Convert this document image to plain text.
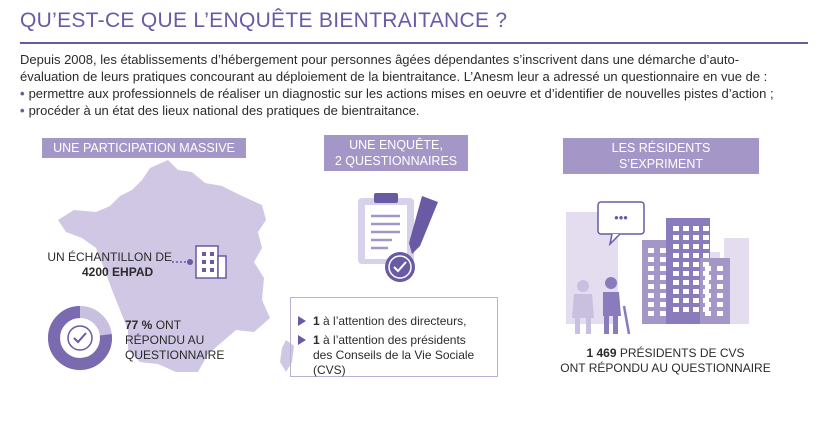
QU’EST-CE QUE L’ENQUÊTE BIENTRAITANCE ?
Depuis 2008, les établissements d’hébergement pour personnes âgées dépendantes s’inscrivent dans une démarche d’auto-
évaluation de leurs pratiques concourant au déploiement de la bientraitance. L’Anesm leur a adressé un questionnaire en vue de :
• permettre aux professionnels de réaliser un diagnostic sur les actions mises en oeuvre et d’identifier de nouvelles pistes d’action ;
• procéder à un état des lieux national des pratiques de bientraitance.
UNE PARTICIPATION MASSIVE	UNE ENQUÊTE,
2 QUESTIONNAIRES
LES RÉSIDENTS S’EXPRIMENT
•••
UN ÉCHANTILLON DE
4200 EHPAD
77 % ONT
RÉPONDU AU
QUESTIONNAIRE
1 à l’attention des directeurs,
1 à l’attention des présidents
des Conseils de la Vie Sociale
(CVS)
1 469 PRÉSIDENTS DE CVS
ONT RÉPONDU AU QUESTIONNAIRE
